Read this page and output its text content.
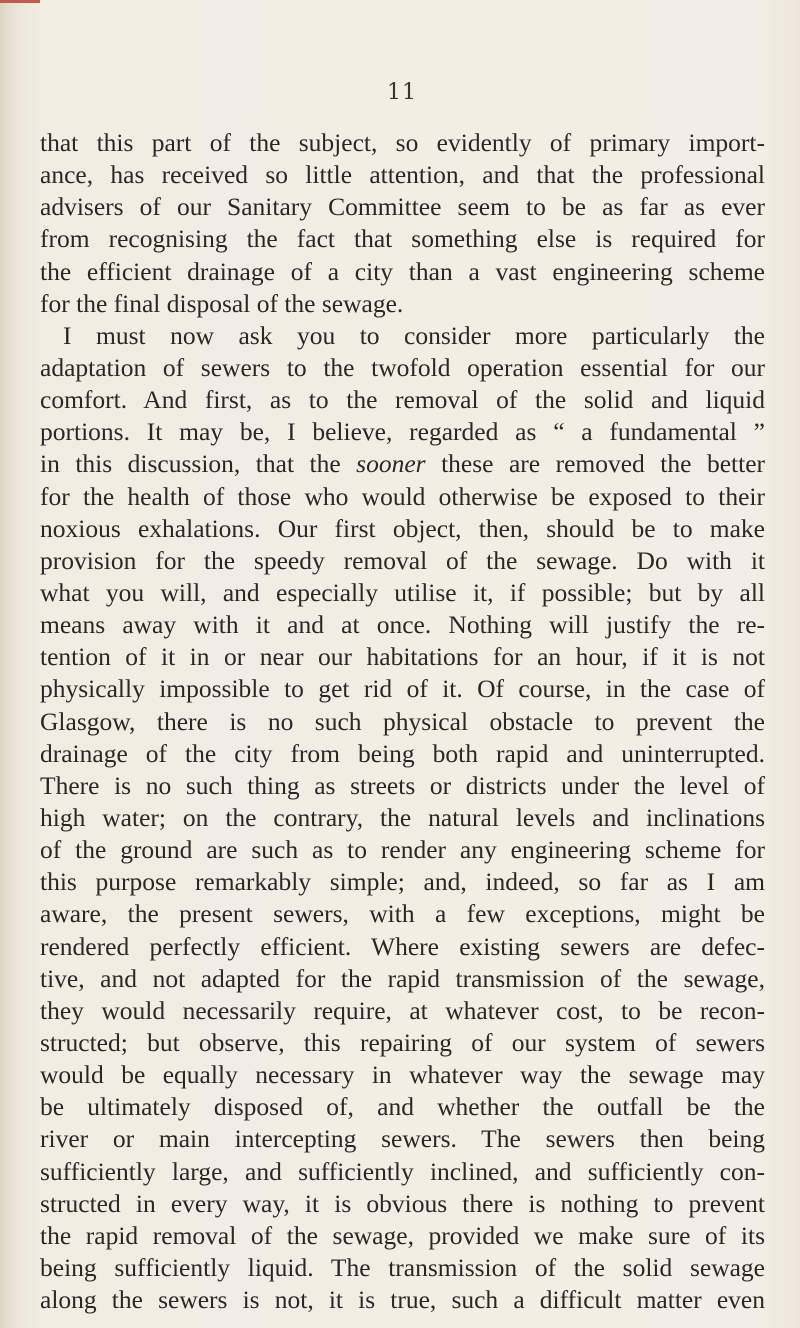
11
that this part of the subject, so evidently of primary import-
ance, has received so little attention, and that the professional
advisers of our Sanitary Committee seem to be as far as ever
from recognising the fact that something else is required for
the efficient drainage of a city than a vast engineering scheme
for the final disposal of the sewage.
I must now ask you to consider more particularly the
adaptation of sewers to the twofold operation essential for our
comfort. And first, as to the removal of the solid and liquid
portions. It may be, I believe, regarded as “ a fundamental ”
in this discussion, that the sooner these are removed the better
for the health of those who would otherwise be exposed to their
noxious exhalations. Our first object, then, should be to make
provision for the speedy removal of the sewage. Do with it
what you will, and especially utilise it, if possible; but by all
means away with it and at once. Nothing will justify the re-
tention of it in or near our habitations for an hour, if it is not
physically impossible to get rid of it. Of course, in the case of
Glasgow, there is no such physical obstacle to prevent the
drainage of the city from being both rapid and uninterrupted.
There is no such thing as streets or districts under the level of
high water; on the contrary, the natural levels and inclinations
of the ground are such as to render any engineering scheme for
this purpose remarkably simple; and, indeed, so far as I am
aware, the present sewers, with a few exceptions, might be
rendered perfectly efficient. Where existing sewers are defec-
tive, and not adapted for the rapid transmission of the sewage,
they would necessarily require, at whatever cost, to be recon-
structed; but observe, this repairing of our system of sewers
would be equally necessary in whatever way the sewage may
be ultimately disposed of, and whether the outfall be the
river or main intercepting sewers. The sewers then being
sufficiently large, and sufficiently inclined, and sufficiently con-
structed in every way, it is obvious there is nothing to prevent
the rapid removal of the sewage, provided we make sure of its
being sufficiently liquid. The transmission of the solid sewage
along the sewers is not, it is true, such a difficult matter even
